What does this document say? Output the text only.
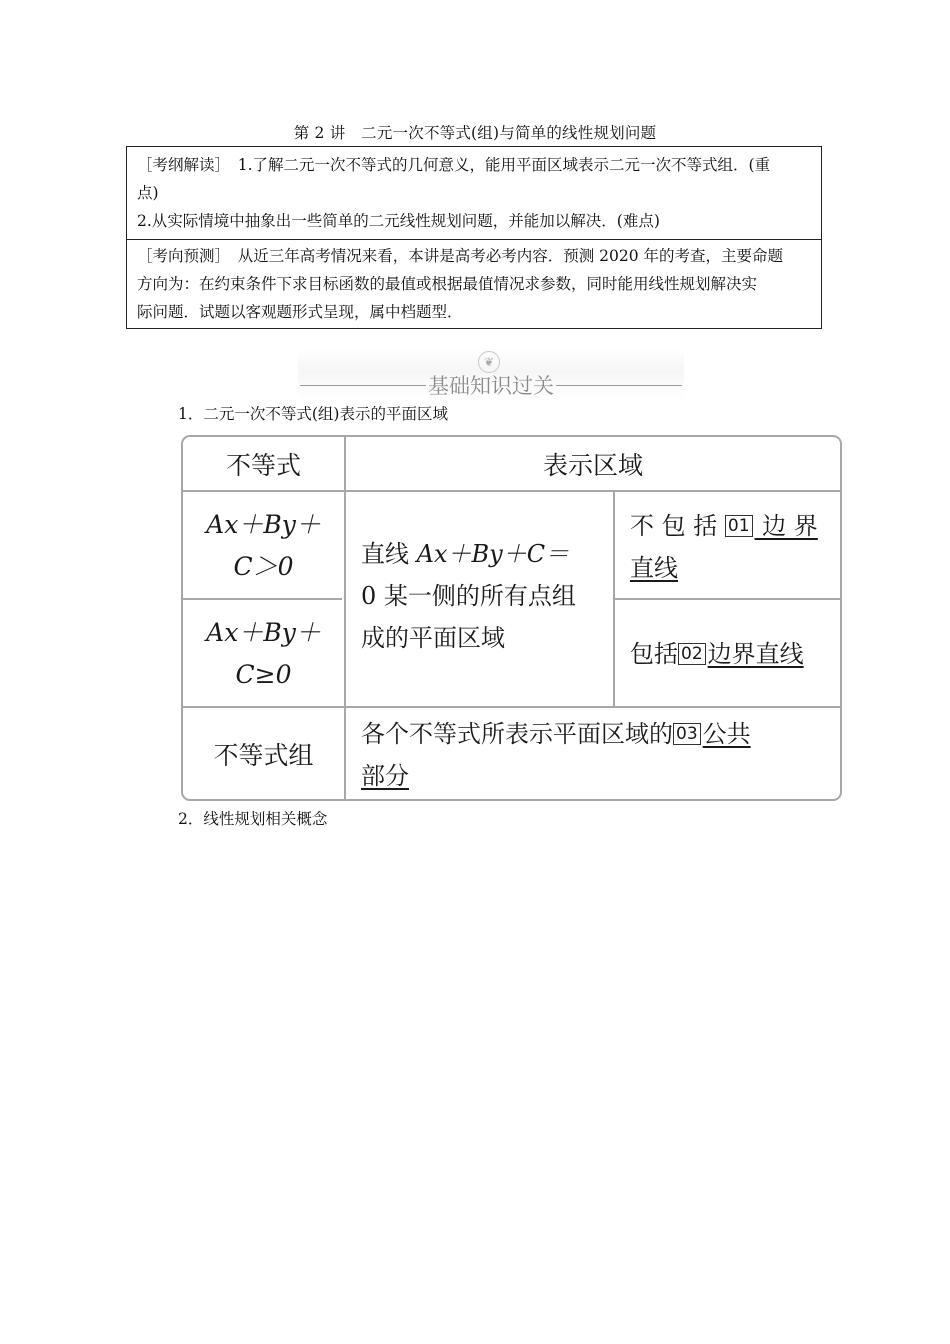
第 2 讲　二元一次不等式(组)与简单的线性规划问题
［考纲解读］　1.了解二元一次不等式的几何意义，能用平面区域表示二元一次不等式组．(重
点)
2.从实际情境中抽象出一些简单的二元线性规划问题，并能加以解决．(难点)
［考向预测］　从近三年高考情况来看，本讲是高考必考内容．预测 2020 年的考查，主要命题
方向为：在约束条件下求目标函数的最值或根据最值情况求参数，同时能用线性规划解决实
际问题．试题以客观题形式呈现，属中档题型．
❦
基础知识过关
1．二元一次不等式(组)表示的平面区域
不等式	表示区域
Ax＋By＋
C＞0
Ax＋By＋
C≥0
直线 Ax＋By＋C＝
0 某一侧的所有点组
成的平面区域
不 包 括 01 边 界
直线
包括 02 边界直线
不等式组
各个不等式所表示平面区域的 03 公共
部分
2．线性规划相关概念
